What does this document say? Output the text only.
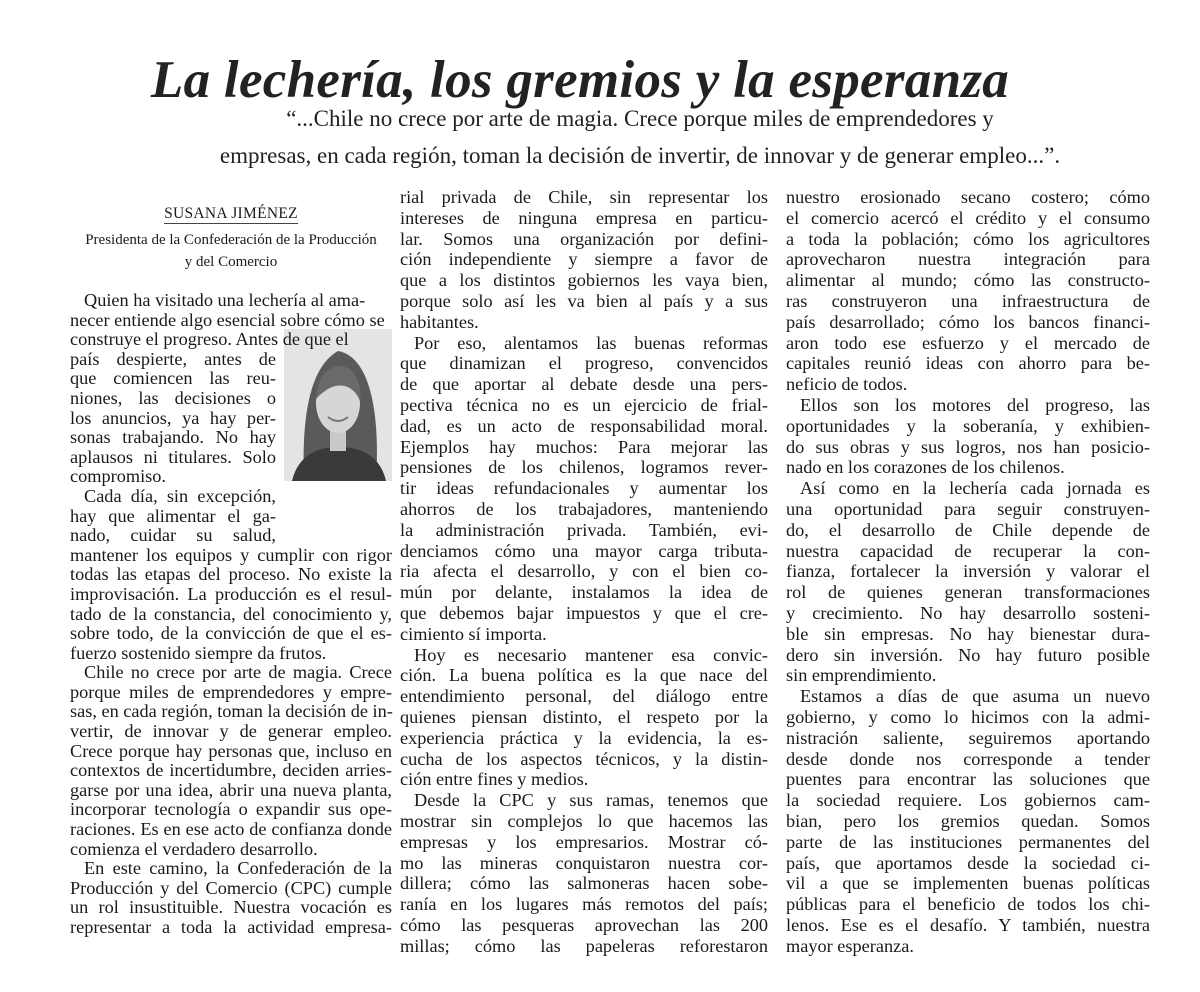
La lechería, los gremios y la esperanza
“...Chile no crece por arte de magia. Crece porque miles de emprendedores y
empresas, en cada región, toman la decisión de invertir, de innovar y de generar empleo...”.
SUSANA JIMÉNEZ
Presidenta de la Confederación de la Producción
y del Comercio
Quien ha visitado una lechería al ama-
necer entiende algo esencial sobre cómo se
construye el progreso. Antes de que el
país despierte, antes de
que comiencen las reu-
niones, las decisiones o
los anuncios, ya hay per-
sonas trabajando. No hay
aplausos ni titulares. Solo
compromiso.
Cada día, sin excepción,
hay que alimentar el ga-
nado, cuidar su salud,
mantener los equipos y cumplir con rigor
todas las etapas del proceso. No existe la
improvisación. La producción es el resul-
tado de la constancia, del conocimiento y,
sobre todo, de la convicción de que el es-
fuerzo sostenido siempre da frutos.
Chile no crece por arte de magia. Crece
porque miles de emprendedores y empre-
sas, en cada región, toman la decisión de in-
vertir, de innovar y de generar empleo.
Crece porque hay personas que, incluso en
contextos de incertidumbre, deciden arries-
garse por una idea, abrir una nueva planta,
incorporar tecnología o expandir sus ope-
raciones. Es en ese acto de confianza donde
comienza el verdadero desarrollo.
En este camino, la Confederación de la
Producción y del Comercio (CPC) cumple
un rol insustituible. Nuestra vocación es
representar a toda la actividad empresa-
rial privada de Chile, sin representar los
intereses de ninguna empresa en particu-
lar. Somos una organización por defini-
ción independiente y siempre a favor de
que a los distintos gobiernos les vaya bien,
porque solo así les va bien al país y a sus
habitantes.
Por eso, alentamos las buenas reformas
que dinamizan el progreso, convencidos
de que aportar al debate desde una pers-
pectiva técnica no es un ejercicio de frial-
dad, es un acto de responsabilidad moral.
Ejemplos hay muchos: Para mejorar las
pensiones de los chilenos, logramos rever-
tir ideas refundacionales y aumentar los
ahorros de los trabajadores, manteniendo
la administración privada. También, evi-
denciamos cómo una mayor carga tributa-
ria afecta el desarrollo, y con el bien co-
mún por delante, instalamos la idea de
que debemos bajar impuestos y que el cre-
cimiento sí importa.
Hoy es necesario mantener esa convic-
ción. La buena política es la que nace del
entendimiento personal, del diálogo entre
quienes piensan distinto, el respeto por la
experiencia práctica y la evidencia, la es-
cucha de los aspectos técnicos, y la distin-
ción entre fines y medios.
Desde la CPC y sus ramas, tenemos que
mostrar sin complejos lo que hacemos las
empresas y los empresarios. Mostrar có-
mo las mineras conquistaron nuestra cor-
dillera; cómo las salmoneras hacen sobe-
ranía en los lugares más remotos del país;
cómo las pesqueras aprovechan las 200
millas; cómo las papeleras reforestaron
nuestro erosionado secano costero; cómo
el comercio acercó el crédito y el consumo
a toda la población; cómo los agricultores
aprovecharon nuestra integración para
alimentar al mundo; cómo las constructo-
ras construyeron una infraestructura de
país desarrollado; cómo los bancos financi-
aron todo ese esfuerzo y el mercado de
capitales reunió ideas con ahorro para be-
neficio de todos.
Ellos son los motores del progreso, las
oportunidades y la soberanía, y exhibien-
do sus obras y sus logros, nos han posicio-
nado en los corazones de los chilenos.
Así como en la lechería cada jornada es
una oportunidad para seguir construyen-
do, el desarrollo de Chile depende de
nuestra capacidad de recuperar la con-
fianza, fortalecer la inversión y valorar el
rol de quienes generan transformaciones
y crecimiento. No hay desarrollo sosteni-
ble sin empresas. No hay bienestar dura-
dero sin inversión. No hay futuro posible
sin emprendimiento.
Estamos a días de que asuma un nuevo
gobierno, y como lo hicimos con la admi-
nistración saliente, seguiremos aportando
desde donde nos corresponde a tender
puentes para encontrar las soluciones que
la sociedad requiere. Los gobiernos cam-
bian, pero los gremios quedan. Somos
parte de las instituciones permanentes del
país, que aportamos desde la sociedad ci-
vil a que se implementen buenas políticas
públicas para el beneficio de todos los chi-
lenos. Ese es el desafío. Y también, nuestra
mayor esperanza.
